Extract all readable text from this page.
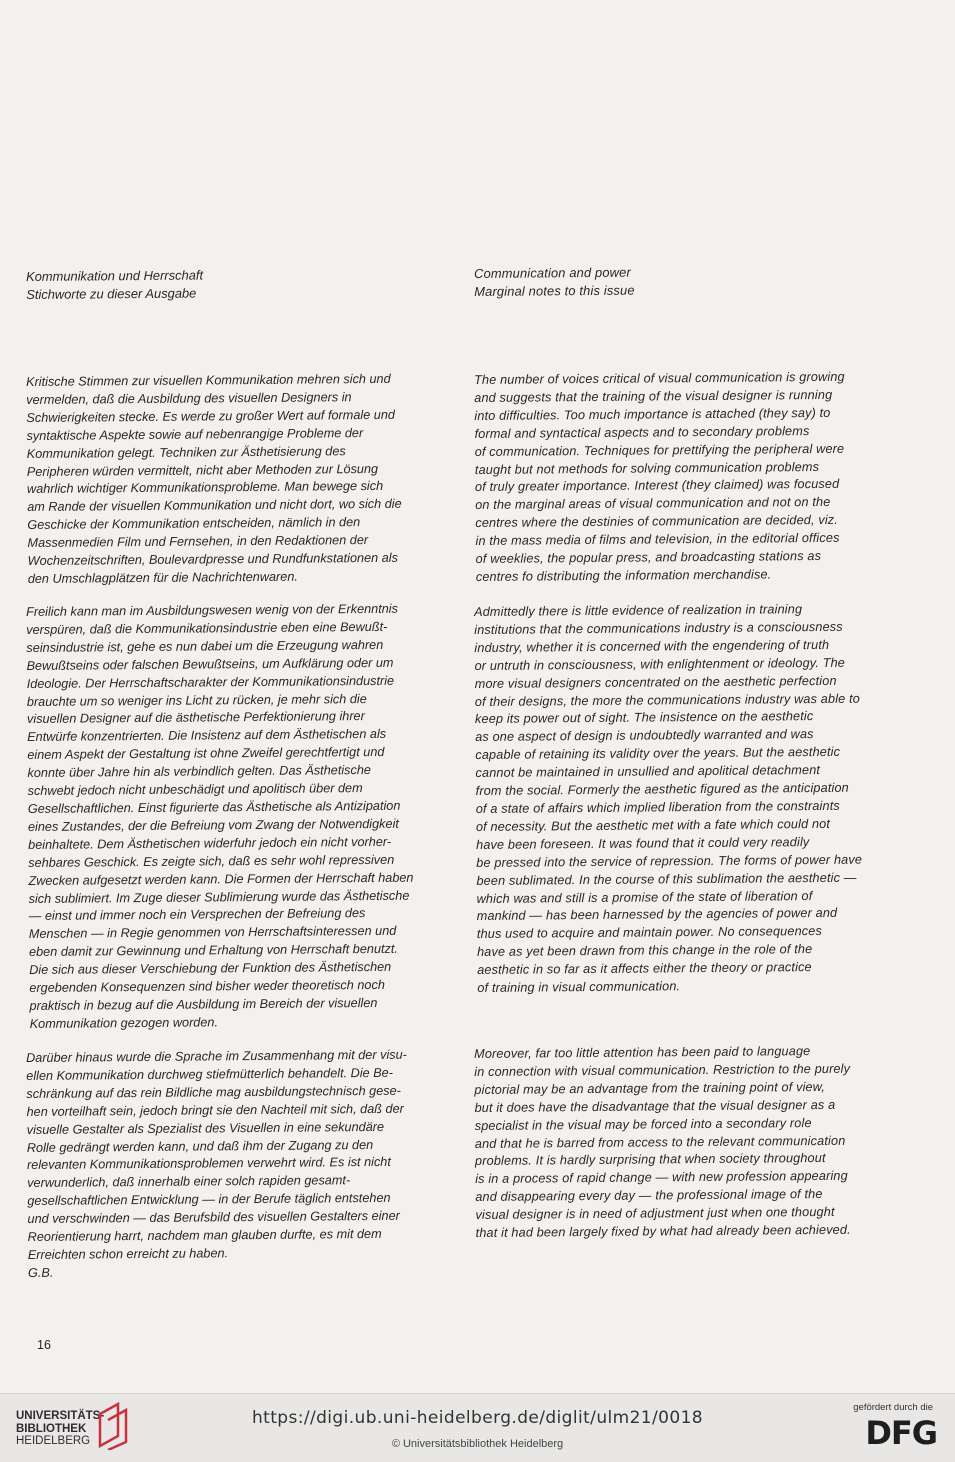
Kommunikation und Herrschaft

Stichworte zu dieser Ausgabe

Communication and power

Marginal notes to this issue

Kritische Stimmen zur visuellen Kommunikation mehren sich und
vermelden, daß die Ausbildung des visuellen Designers in
Schwierigkeiten stecke. Es werde zu großer Wert auf formale und
syntaktische Aspekte sowie auf nebenrangige Probleme der
Kommunikation gelegt. Techniken zur Ästhetisierung des
Peripheren würden vermittelt, nicht aber Methoden zur Lösung
wahrlich wichtiger Kommunikationsprobleme. Man bewege sich
am Rande der visuellen Kommunikation und nicht dort, wo sich die
Geschicke der Kommunikation entscheiden, nämlich in den
Massenmedien Film und Fernsehen, in den Redaktionen der
Wochenzeitschriften, Boulevardpresse und Rundfunkstationen als
den Umschlagplätzen für die Nachrichtenwaren.

Freilich kann man im Ausbildungswesen wenig von der Erkenntnis
verspüren, daß die Kommunikationsindustrie eben eine Bewußt-
seinsindustrie ist, gehe es nun dabei um die Erzeugung wahren
Bewußtseins oder falschen Bewußtseins, um Aufklärung oder um
Ideologie. Der Herrschaftscharakter der Kommunikationsindustrie
brauchte um so weniger ins Licht zu rücken, je mehr sich die
visuellen Designer auf die ästhetische Perfektionierung ihrer
Entwürfe konzentrierten. Die Insistenz auf dem Ästhetischen als
einem Aspekt der Gestaltung ist ohne Zweifel gerechtfertigt und
konnte über Jahre hin als verbindlich gelten. Das Ästhetische
schwebt jedoch nicht unbeschädigt und apolitisch über dem
Gesellschaftlichen. Einst figurierte das Ästhetische als Antizipation
eines Zustandes, der die Befreiung vom Zwang der Notwendigkeit
beinhaltete. Dem Ästhetischen widerfuhr jedoch ein nicht vorher-
sehbares Geschick. Es zeigte sich, daß es sehr wohl repressiven
Zwecken aufgesetzt werden kann. Die Formen der Herrschaft haben
sich sublimiert. Im Zuge dieser Sublimierung wurde das Ästhetische
— einst und immer noch ein Versprechen der Befreiung des
Menschen — in Regie genommen von Herrschaftsinteressen und
eben damit zur Gewinnung und Erhaltung von Herrschaft benutzt.
Die sich aus dieser Verschiebung der Funktion des Ästhetischen
ergebenden Konsequenzen sind bisher weder theoretisch noch
praktisch in bezug auf die Ausbildung im Bereich der visuellen
Kommunikation gezogen worden.

Darüber hinaus wurde die Sprache im Zusammenhang mit der visu-
ellen Kommunikation durchweg stiefmütterlich behandelt. Die Be-
schränkung auf das rein Bildliche mag ausbildungstechnisch gese-
hen vorteilhaft sein, jedoch bringt sie den Nachteil mit sich, daß der
visuelle Gestalter als Spezialist des Visuellen in eine sekundäre
Rolle gedrängt werden kann, und daß ihm der Zugang zu den
relevanten Kommunikationsproblemen verwehrt wird. Es ist nicht
verwunderlich, daß innerhalb einer solch rapiden gesamt-
gesellschaftlichen Entwicklung — in der Berufe täglich entstehen
und verschwinden — das Berufsbild des visuellen Gestalters einer
Reorientierung harrt, nachdem man glauben durfte, es mit dem
Erreichten schon erreicht zu haben.

G.B.

The number of voices critical of visual communication is growing
and suggests that the training of the visual designer is running
into difficulties. Too much importance is attached (they say) to
formal and syntactical aspects and to secondary problems
of communication. Techniques for prettifying the peripheral were
taught but not methods for solving communication problems
of truly greater importance. Interest (they claimed) was focused
on the marginal areas of visual communication and not on the
centres where the destinies of communication are decided, viz.
in the mass media of films and television, in the editorial offices
of weeklies, the popular press, and broadcasting stations as
centres fo distributing the information merchandise.

Admittedly there is little evidence of realization in training
institutions that the communications industry is a consciousness
industry, whether it is concerned with the engendering of truth
or untruth in consciousness, with enlightenment or ideology. The
more visual designers concentrated on the aesthetic perfection
of their designs, the more the communications industry was able to
keep its power out of sight. The insistence on the aesthetic
as one aspect of design is undoubtedly warranted and was
capable of retaining its validity over the years. But the aesthetic
cannot be maintained in unsullied and apolitical detachment
from the social. Formerly the aesthetic figured as the anticipation
of a state of affairs which implied liberation from the constraints
of necessity. But the aesthetic met with a fate which could not
have been foreseen. It was found that it could very readily
be pressed into the service of repression. The forms of power have
been sublimated. In the course of this sublimation the aesthetic —
which was and still is a promise of the state of liberation of
mankind — has been harnessed by the agencies of power and
thus used to acquire and maintain power. No consequences
have as yet been drawn from this change in the role of the
aesthetic in so far as it affects either the theory or practice
of training in visual communication.

Moreover, far too little attention has been paid to language
in connection with visual communication. Restriction to the purely
pictorial may be an advantage from the training point of view,
but it does have the disadvantage that the visual designer as a
specialist in the visual may be forced into a secondary role
and that he is barred from access to the relevant communication
problems. It is hardly surprising that when society throughout
is in a process of rapid change — with new profession appearing
and disappearing every day — the professional image of the
visual designer is in need of adjustment just when one thought
that it had been largely fixed by what had already been achieved.

16
UNIVERSITÄTS-
BIBLIOTHEK
HEIDELBERG
https://digi.ub.uni-heidelberg.de/diglit/ulm21/0018
© Universitätsbibliothek Heidelberg
gefördert durch die
DFG
